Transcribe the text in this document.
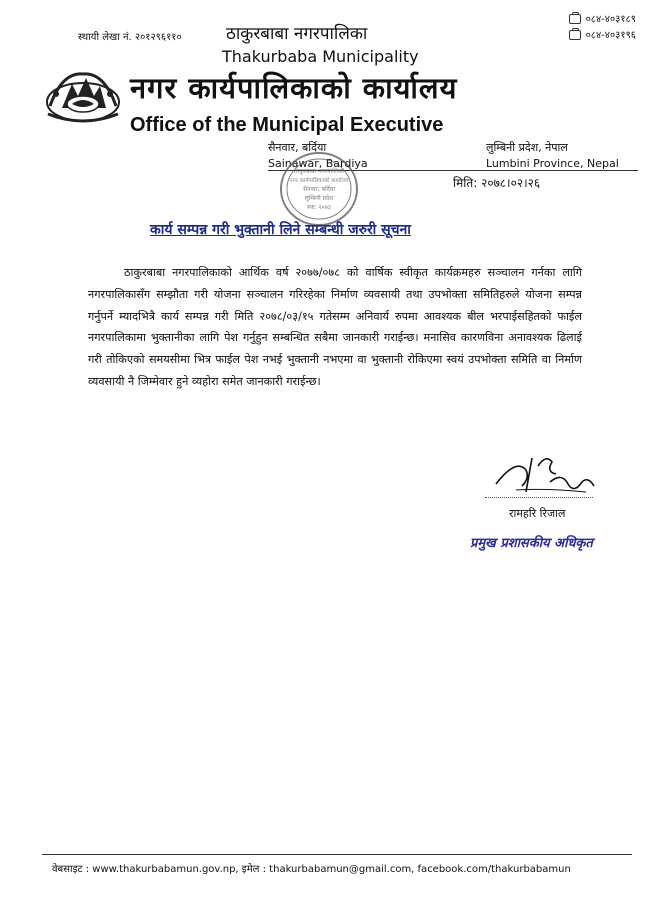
स्थायी लेखा नं. २०१२९६११०	ठाकुरबाबा नगरपालिका
Thakurbaba Municipality
०८४-४०३१८९
०८४-४०३१९६
नगर कार्यपालिकाको कार्यालय
Office of the Municipal Executive
सैनवार, बर्दिया
Sainawar, Bardiya
लुम्बिनी प्रदेश, नेपाल
Lumbini Province, Nepal
मिति: २०७८।०२।२६
ठाकुरबाबा नगरपालिका
नगर कार्यपालिकाको कार्यालय
सैनवार, बर्दिया
लुम्बिनी प्रदेश
स्था: २०७३
कार्य सम्पन्न गरी भुक्तानी लिने सम्बन्धी जरुरी सूचना
ठाकुरबाबा नगरपालिकाको आर्थिक वर्ष २०७७/०७८ को वार्षिक स्वीकृत कार्यक्रमहरु सञ्चालन गर्नका लागि नगरपालिकासँग सम्झौता गरी योजना सञ्चालन गरिरहेका निर्माण व्यवसायी तथा उपभोक्ता समितिहरुले योजना सम्पन्न गर्नुपर्ने म्यादभित्रै कार्य सम्पन्न गरी मिति २०७८/०३/१५ गतेसम्म अनिवार्य रुपमा आवश्यक बील भरपाईसहितको फाईल नगरपालिकामा भुक्तानीका लागि पेश गर्नुहुन सम्बन्धित सबैमा जानकारी गराईन्छ। मनासिव कारणविना अनावश्यक ढिलाई गरी तोकिएको समयसीमा भित्र फाईल पेश नभई भुक्तानी नभएमा वा भुक्तानी रोकिएमा स्वयं उपभोक्ता समिति वा निर्माण व्यवसायी नै जिम्मेवार हुने व्यहोरा समेत जानकारी गराईन्छ।
रामहरि रिजाल
प्रमुख प्रशासकीय अधिकृत
वेबसाइट : www.thakurbabamun.gov.np, इमेल : thakurbabamun@gmail.com, facebook.com/thakurbabamun
